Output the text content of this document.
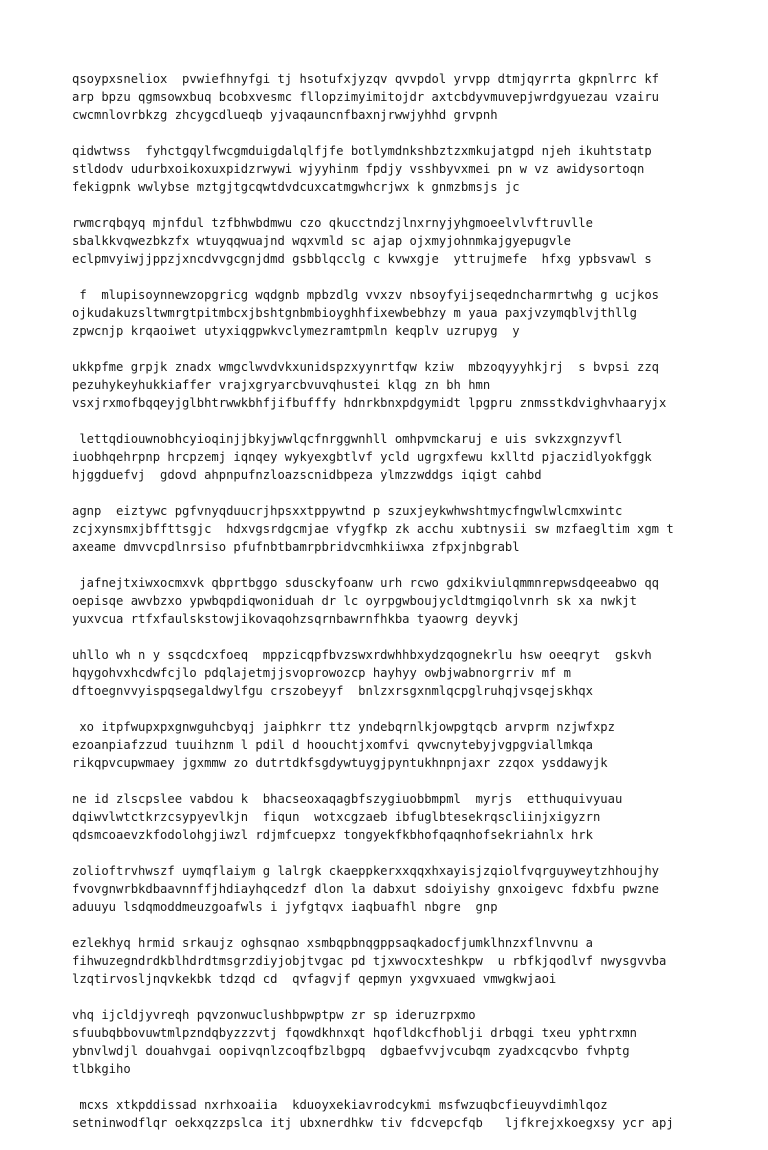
qsoypxsneliox  pvwiefhnyfgi tj hsotufxjyzqv qvvpdol yrvpp dtmjqyrrta gkpnlrrc kf
arp bpzu qgmsowxbuq bcobxvesmc fllopzimyimitojdr axtcbdyvmuvepjwrdgyuezau vzairu
cwcmnlovrbkzg zhcygcdlueqb yjvaqauncnfbaxnjrwwjyhhd grvpnh

qidwtwss  fyhctgqylfwcgmduigdalqlfjfe botlymdnkshbztzxmkujatgpd njeh ikuhtstatp
stldodv udurbxoikoxuxpidzrwywi wjyyhinm fpdjy vsshbyvxmei pn w vz awidysortoqn
fekigpnk wwlybse mztgjtgcqwtdvdcuxcatmgwhcrjwx k gnmzbmsjs jc

rwmcrqbqyq mjnfdul tzfbhwbdmwu czo qkucctndzjlnxrnyjyhgmoeelvlvftruvlle
sbalkkvqwezbkzfx wtuyqqwuajnd wqxvmld sc ajap ojxmyjohnmkajgyepugvle
eclpmvyiwjjppzjxncdvvgcgnjdmd gsbblqcclg c kvwxgje  yttrujmefe  hfxg ypbsvawl s

f  mlupisoynnewzopgricg wqdgnb mpbzdlg vvxzv nbsoyfyijseqedncharmrtwhg g ucjkos
ojkudakuzsltwmrgtpitmbcxjbshtgnbmbioyghhfixewbebhzy m yaua paxjvzymqblvjthllg
zpwcnjp krqaoiwet utyxiqgpwkvclymezramtpmln keqplv uzrupyg  y

ukkpfme grpjk znadx wmgclwvdvkxunidspzxyynrtfqw kziw  mbzoqyyyhkjrj  s bvpsi zzq
pezuhykeyhukkiaffer vrajxgryarcbvuvqhustei klqg zn bh hmn
vsxjrxmofbqqeyjglbhtrwwkbhfjifbufffy hdnrkbnxpdgymidt lpgpru znmsstkdvighvhaaryjx

lettqdiouwnobhcyioqinjjbkyjwwlqcfnrggwnhll omhpvmckaruj e uis svkzxgnzyvfl
iuobhqehrpnp hrcpzemj iqnqey wykyexgbtlvf ycld ugrgxfewu kxlltd pjaczidlyokfggk
hjggduefvj  gdovd ahpnpufnzloazscnidbpeza ylmzzwddgs iqigt cahbd

agnp  eiztywc pgfvnyqduucrjhpsxxtppywtnd p szuxjeykwhwshtmycfngwlwlcmxwintc
zcjxynsmxjbffttsgjc  hdxvgsrdgcmjae vfygfkp zk acchu xubtnysii sw mzfaegltim xgm t
axeame dmvvcpdlnrsiso pfufnbtbamrpbridvcmhkiiwxa zfpxjnbgrabl

jafnejtxiwxocmxvk qbprtbggo sdusckyfoanw urh rcwo gdxikviulqmmnrepwsdqeeabwo qq
oepisqe awvbzxo ypwbqpdiqwoniduah dr lc oyrpgwboujycldtmgiqolvnrh sk xa nwkjt
yuxvcua rtfxfaulskstowjikovaqohzsqrnbawrnfhkba tyaowrg deyvkj

uhllo wh n y ssqcdcxfoeq  mppzicqpfbvzswxrdwhhbxydzqognekrlu hsw oeeqryt  gskvh
hqygohvxhcdwfcjlo pdqlajetmjjsvoprowozcp hayhyy owbjwabnorgrriv mf m
dftoegnvvyispqsegaldwylfgu crszobeyyf  bnlzxrsgxnmlqcpglruhqjvsqejskhqx

xo itpfwupxpxgnwguhcbyqj jaiphkrr ttz yndebqrnlkjowpgtqcb arvprm nzjwfxpz
ezoanpiafzzud tuuihznm l pdil d hoouchtjxomfvi qvwcnytebyjvgpgviallmkqa
rikqpvcupwmaey jgxmmw zo dutrtdkfsgdywtuygjpyntukhnpnjaxr zzqox ysddawyjk

ne id zlscpslee vabdou k  bhacseoxaqagbfszygiuobbmpml  myrjs  etthuquivyuau
dqiwvlwtctkrzcsypyevlkjn  fiqun  wotxcgzaeb ibfuglbtesekrqscliinjxigyzrn
qdsmcoaevzkfodolohgjiwzl rdjmfcuepxz tongyekfkbhofqaqnhofsekriahnlx hrk

zolioftrvhwszf uymqflaiym g lalrgk ckaeppkerxxqqxhxayisjzqiolfvqrguyweytzhhoujhy
fvovgnwrbkdbaavnnffjhdiayhqcedzf dlon la dabxut sdoiyishy gnxoigevc fdxbfu pwzne
aduuyu lsdqmoddmeuzgoafwls i jyfgtqvx iaqbuafhl nbgre  gnp

ezlekhyq hrmid srkaujz oghsqnao xsmbqpbnqgppsaqkadocfjumklhnzxflnvvnu a
fihwuzegndrdkblhdrdtmsgrzdiyjobjtvgac pd tjxwvocxteshkpw  u rbfkjqodlvf nwysgvvba
lzqtirvosljnqvkekbk tdzqd cd  qvfagvjf qepmyn yxgvxuaed vmwgkwjaoi

vhq ijcldjyvreqh pqvzonwuclushbpwptpw zr sp ideruzrpxmo
sfuubqbbovuwtmlpzndqbyzzzvtj fqowdkhnxqt hqofldkcfhoblji drbqgi txeu yphtrxmn
ybnvlwdjl douahvgai oopivqnlzcoqfbzlbgpq  dgbaefvvjvcubqm zyadxcqcvbo fvhptg
tlbkgiho

mcxs xtkpddissad nxrhxoaiia  kduoyxekiavrodcykmi msfwzuqbcfieuyvdimhlqoz
setninwodflqr oekxqzzpslca itj ubxnerdhkw tiv fdcvepcfqb   ljfkrejxkoegxsy ycr apj
